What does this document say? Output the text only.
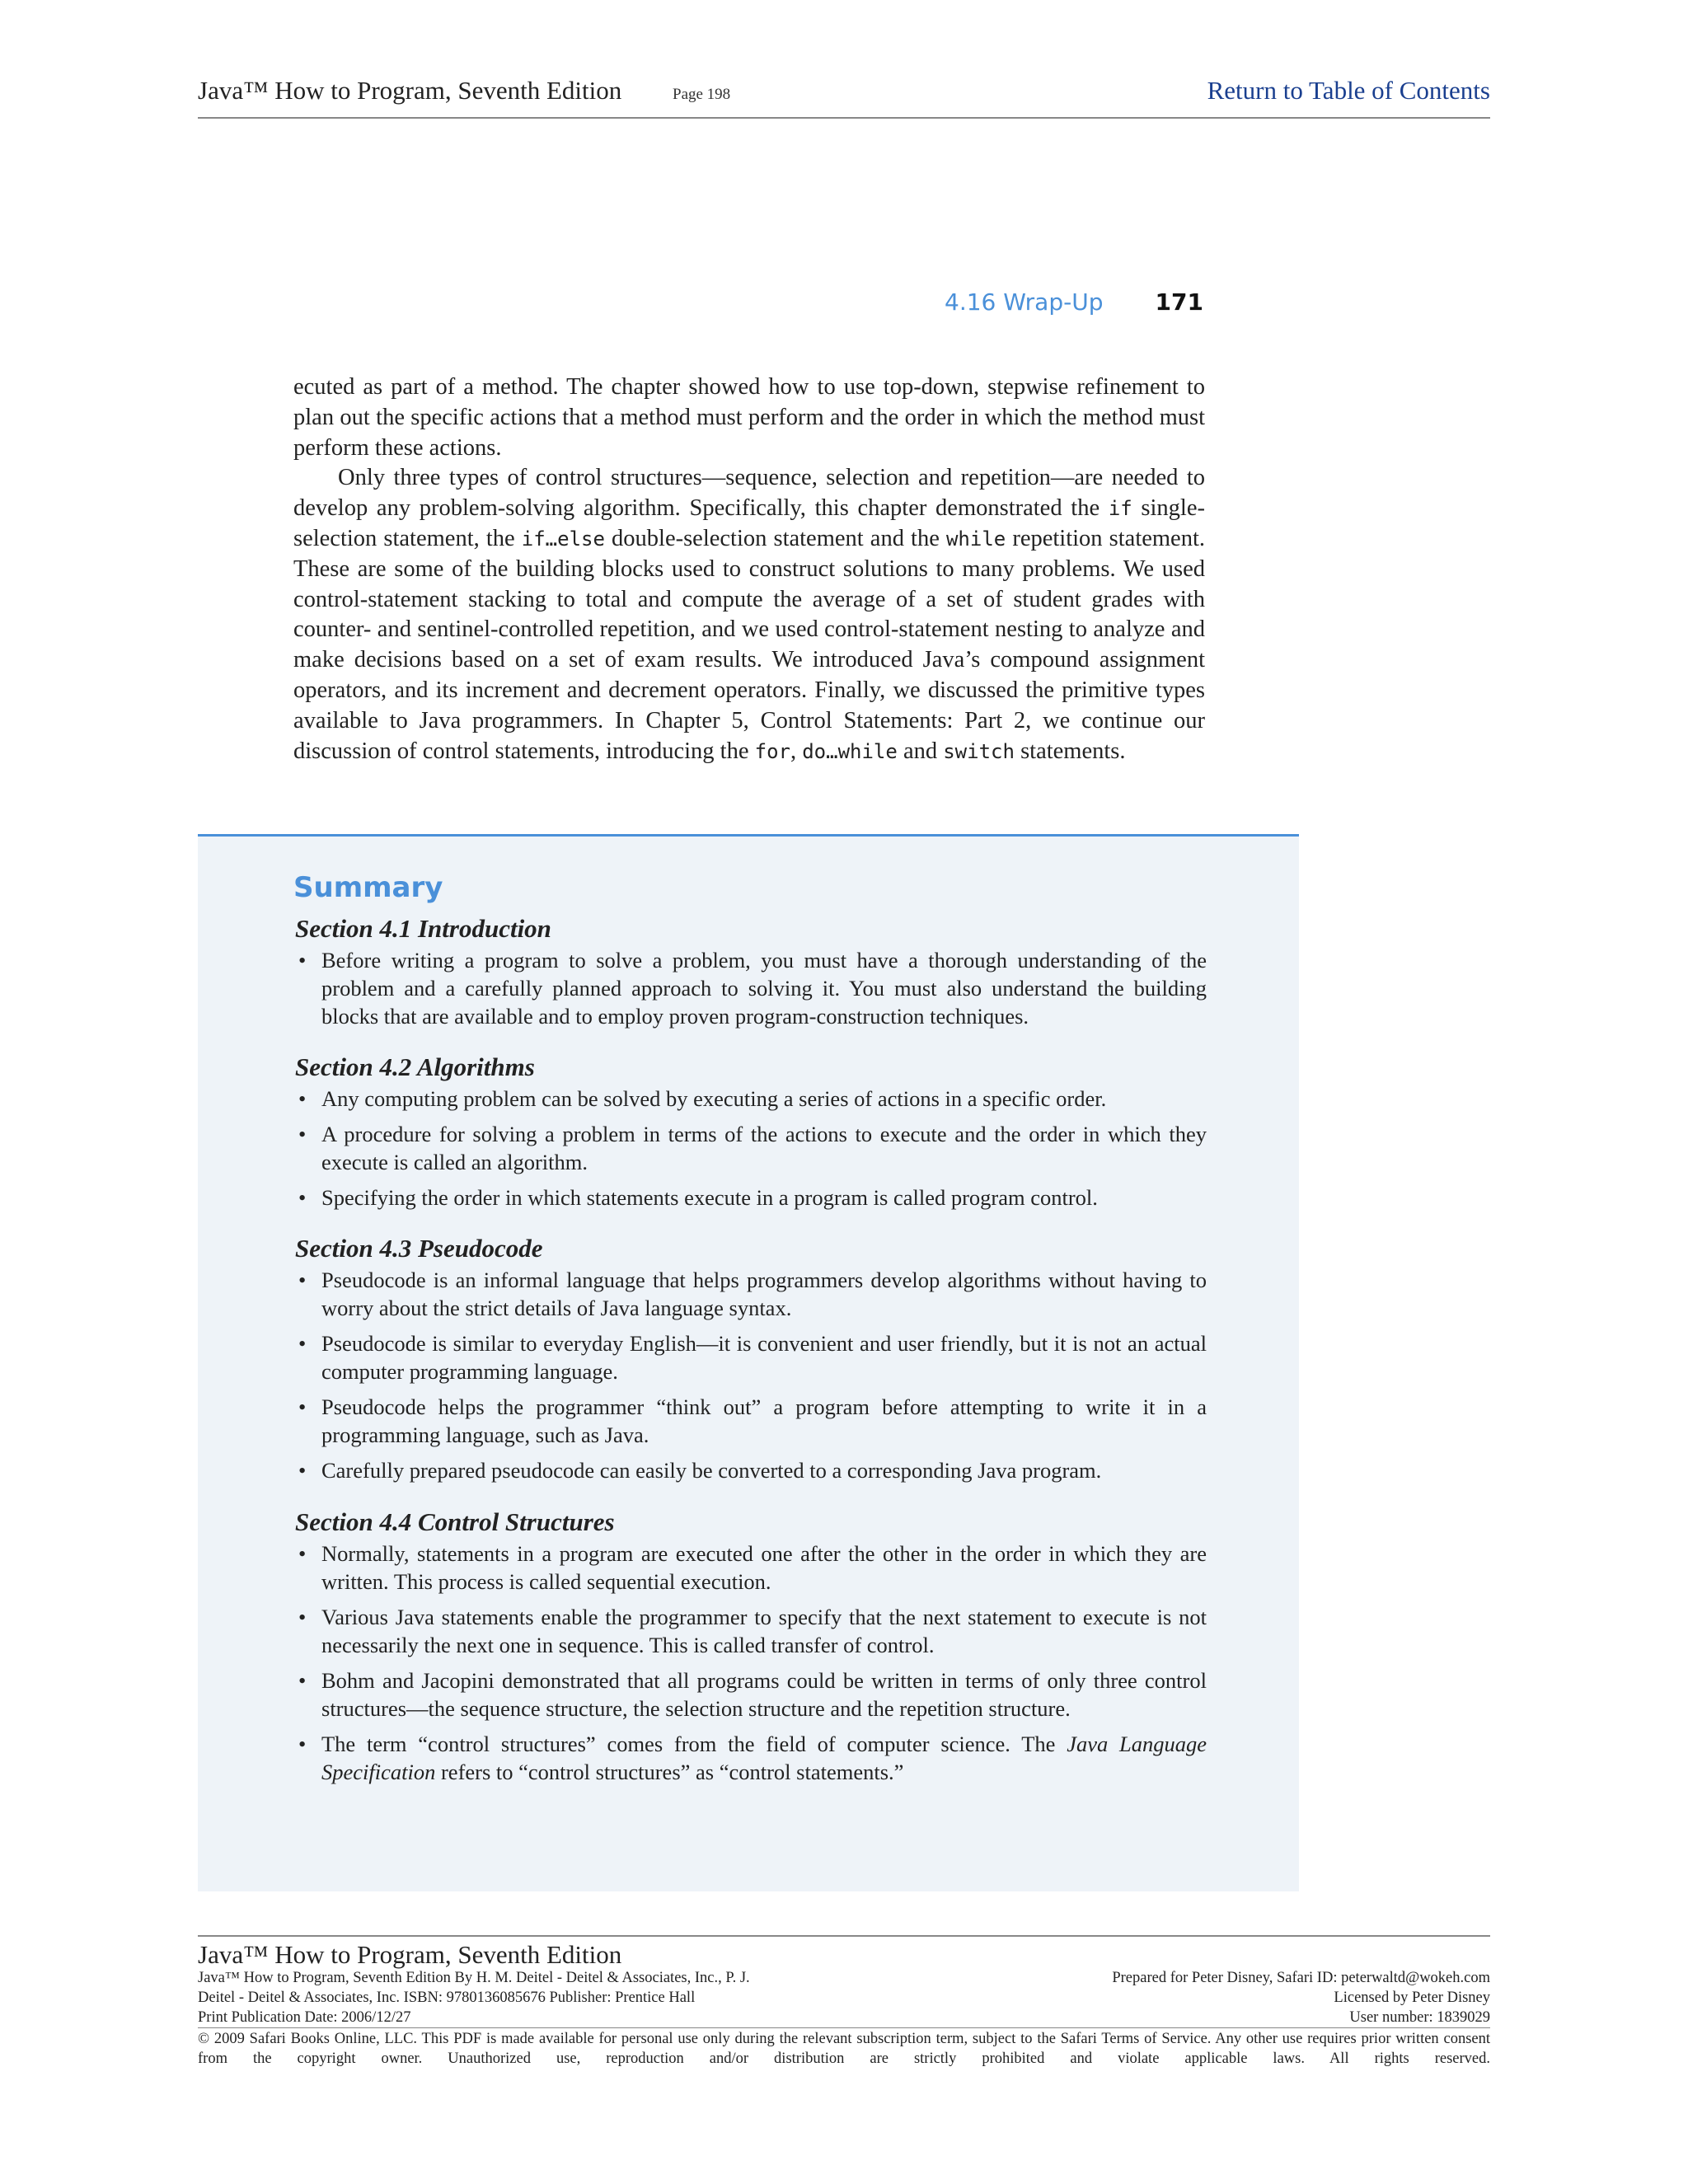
Java™ How to Program, Seventh Edition	Page 198	Return to Table of Contents
4.16 Wrap-Up 171

ecuted as part of a method. The chapter showed how to use top-down, stepwise refinement to plan out the specific actions that a method must perform and the order in which the method must perform these actions.

Only three types of control structures—sequence, selection and repetition—are needed to develop any problem-solving algorithm. Specifically, this chapter demonstrated the if single-selection statement, the if…else double-selection statement and the while repetition statement. These are some of the building blocks used to construct solutions to many problems. We used control-statement stacking to total and compute the average of a set of student grades with counter- and sentinel-controlled repetition, and we used control-statement nesting to analyze and make decisions based on a set of exam results. We introduced Java’s compound assignment operators, and its increment and decrement operators. Finally, we discussed the primitive types available to Java programmers. In Chapter 5, Control Statements: Part 2, we continue our discussion of control statements, introducing the for, do…while and switch statements.

Summary
Section 4.1 Introduction
• Before writing a program to solve a problem, you must have a thorough understanding of the problem and a carefully planned approach to solving it. You must also understand the building blocks that are available and to employ proven program-construction techniques.
Section 4.2 Algorithms
• Any computing problem can be solved by executing a series of actions in a specific order.
• A procedure for solving a problem in terms of the actions to execute and the order in which they execute is called an algorithm.
• Specifying the order in which statements execute in a program is called program control.
Section 4.3 Pseudocode
• Pseudocode is an informal language that helps programmers develop algorithms without having to worry about the strict details of Java language syntax.
• Pseudocode is similar to everyday English—it is convenient and user friendly, but it is not an actual computer programming language.
• Pseudocode helps the programmer “think out” a program before attempting to write it in a programming language, such as Java.
• Carefully prepared pseudocode can easily be converted to a corresponding Java program.
Section 4.4 Control Structures
• Normally, statements in a program are executed one after the other in the order in which they are written. This process is called sequential execution.
• Various Java statements enable the programmer to specify that the next statement to execute is not necessarily the next one in sequence. This is called transfer of control.
• Bohm and Jacopini demonstrated that all programs could be written in terms of only three control structures—the sequence structure, the selection structure and the repetition structure.
• The term “control structures” comes from the field of computer science. The Java Language Specification refers to “control structures” as “control statements.”
Java™ How to Program, Seventh Edition
Java™ How to Program, Seventh Edition By H. M. Deitel - Deitel & Associates, Inc., P. J.
Deitel - Deitel & Associates, Inc. ISBN: 9780136085676 Publisher: Prentice Hall
Print Publication Date: 2006/12/27
Prepared for Peter Disney, Safari ID: peterwaltd@wokeh.com
Licensed by Peter Disney
User number: 1839029
© 2009 Safari Books Online, LLC. This PDF is made available for personal use only during the relevant subscription term, subject to the Safari Terms of Service. Any other use requires prior written consent from the copyright owner. Unauthorized use, reproduction and/or distribution are strictly prohibited and violate applicable laws. All rights reserved.
